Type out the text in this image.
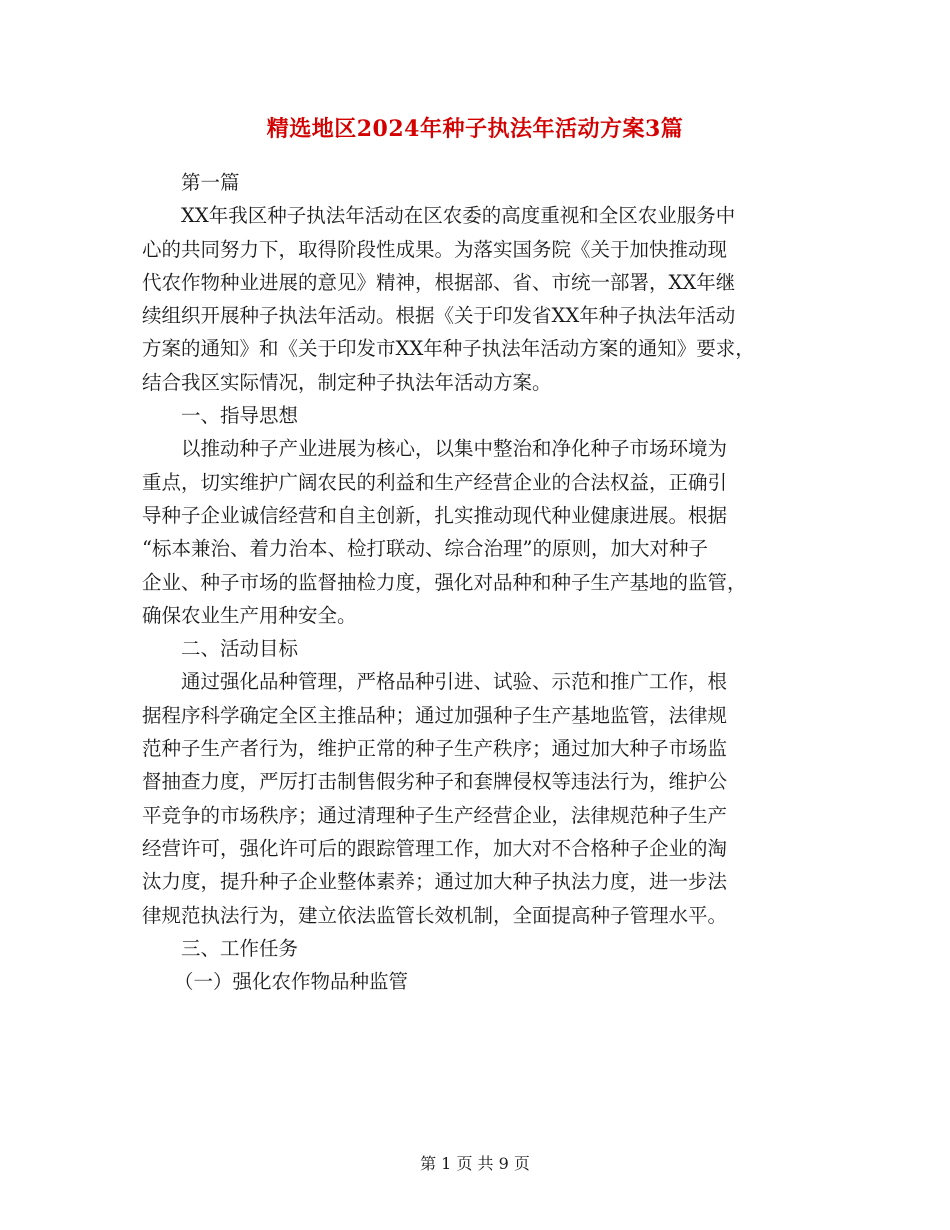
精选地区2024年种子执法年活动方案3篇

第一篇

XX年我区种子执法年活动在区农委的高度重视和全区农业服务中
心的共同努力下，取得阶段性成果。为落实国务院《关于加快推动现
代农作物种业进展的意见》精神，根据部、省、市统一部署，XX年继
续组织开展种子执法年活动。根据《关于印发省XX年种子执法年活动
方案的通知》和《关于印发市XX年种子执法年活动方案的通知》要求，
结合我区实际情况，制定种子执法年活动方案。

一、指导思想

以推动种子产业进展为核心，以集中整治和净化种子市场环境为
重点，切实维护广阔农民的利益和生产经营企业的合法权益，正确引
导种子企业诚信经营和自主创新，扎实推动现代种业健康进展。根据
“标本兼治、着力治本、检打联动、综合治理”的原则，加大对种子
企业、种子市场的监督抽检力度，强化对品种和种子生产基地的监管，
确保农业生产用种安全。

二、活动目标

通过强化品种管理，严格品种引进、试验、示范和推广工作，根
据程序科学确定全区主推品种；通过加强种子生产基地监管，法律规
范种子生产者行为，维护正常的种子生产秩序；通过加大种子市场监
督抽查力度，严厉打击制售假劣种子和套牌侵权等违法行为，维护公
平竞争的市场秩序；通过清理种子生产经营企业，法律规范种子生产
经营许可，强化许可后的跟踪管理工作，加大对不合格种子企业的淘
汰力度，提升种子企业整体素养；通过加大种子执法力度，进一步法
律规范执法行为，建立依法监管长效机制，全面提高种子管理水平。

三、工作任务

（一）强化农作物品种监管

第 1 页 共 9 页
